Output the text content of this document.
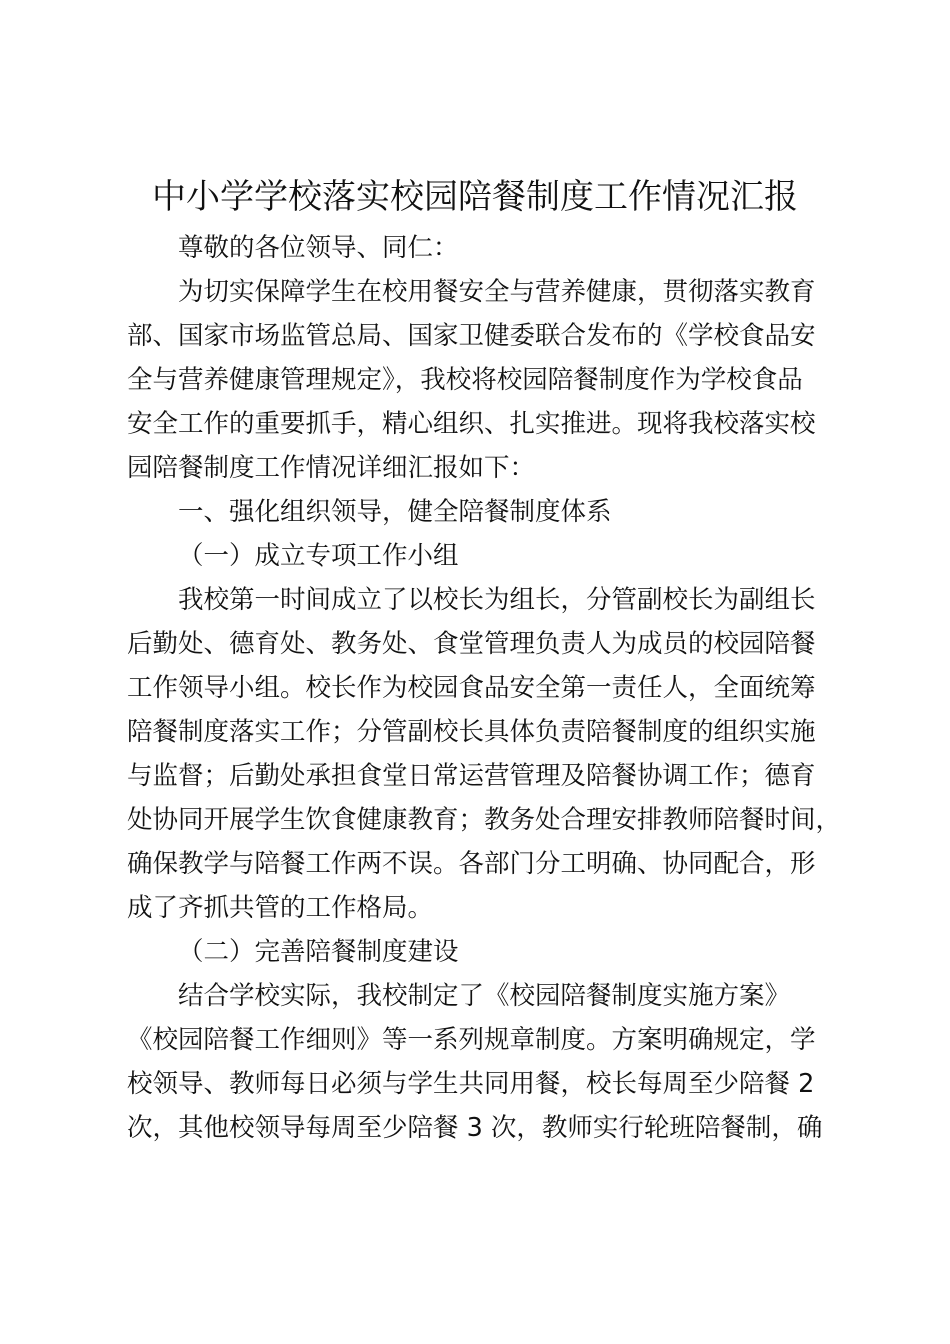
中小学学校落实校园陪餐制度工作情况汇报
尊敬的各位领导、同仁：
为切实保障学生在校用餐安全与营养健康，贯彻落实教育
部、国家市场监管总局、国家卫健委联合发布的《学校食品安
全与营养健康管理规定》，我校将校园陪餐制度作为学校食品
安全工作的重要抓手，精心组织、扎实推进。现将我校落实校
园陪餐制度工作情况详细汇报如下：
一、强化组织领导，健全陪餐制度体系
（一）成立专项工作小组
我校第一时间成立了以校长为组长，分管副校长为副组长
后勤处、德育处、教务处、食堂管理负责人为成员的校园陪餐
工作领导小组。校长作为校园食品安全第一责任人，全面统筹
陪餐制度落实工作；分管副校长具体负责陪餐制度的组织实施
与监督；后勤处承担食堂日常运营管理及陪餐协调工作；德育
处协同开展学生饮食健康教育；教务处合理安排教师陪餐时间，
确保教学与陪餐工作两不误。各部门分工明确、协同配合，形
成了齐抓共管的工作格局。
（二）完善陪餐制度建设
结合学校实际，我校制定了《校园陪餐制度实施方案》
《校园陪餐工作细则》等一系列规章制度。方案明确规定，学
校领导、教师每日必须与学生共同用餐，校长每周至少陪餐 2
次，其他校领导每周至少陪餐 3 次，教师实行轮班陪餐制，确
